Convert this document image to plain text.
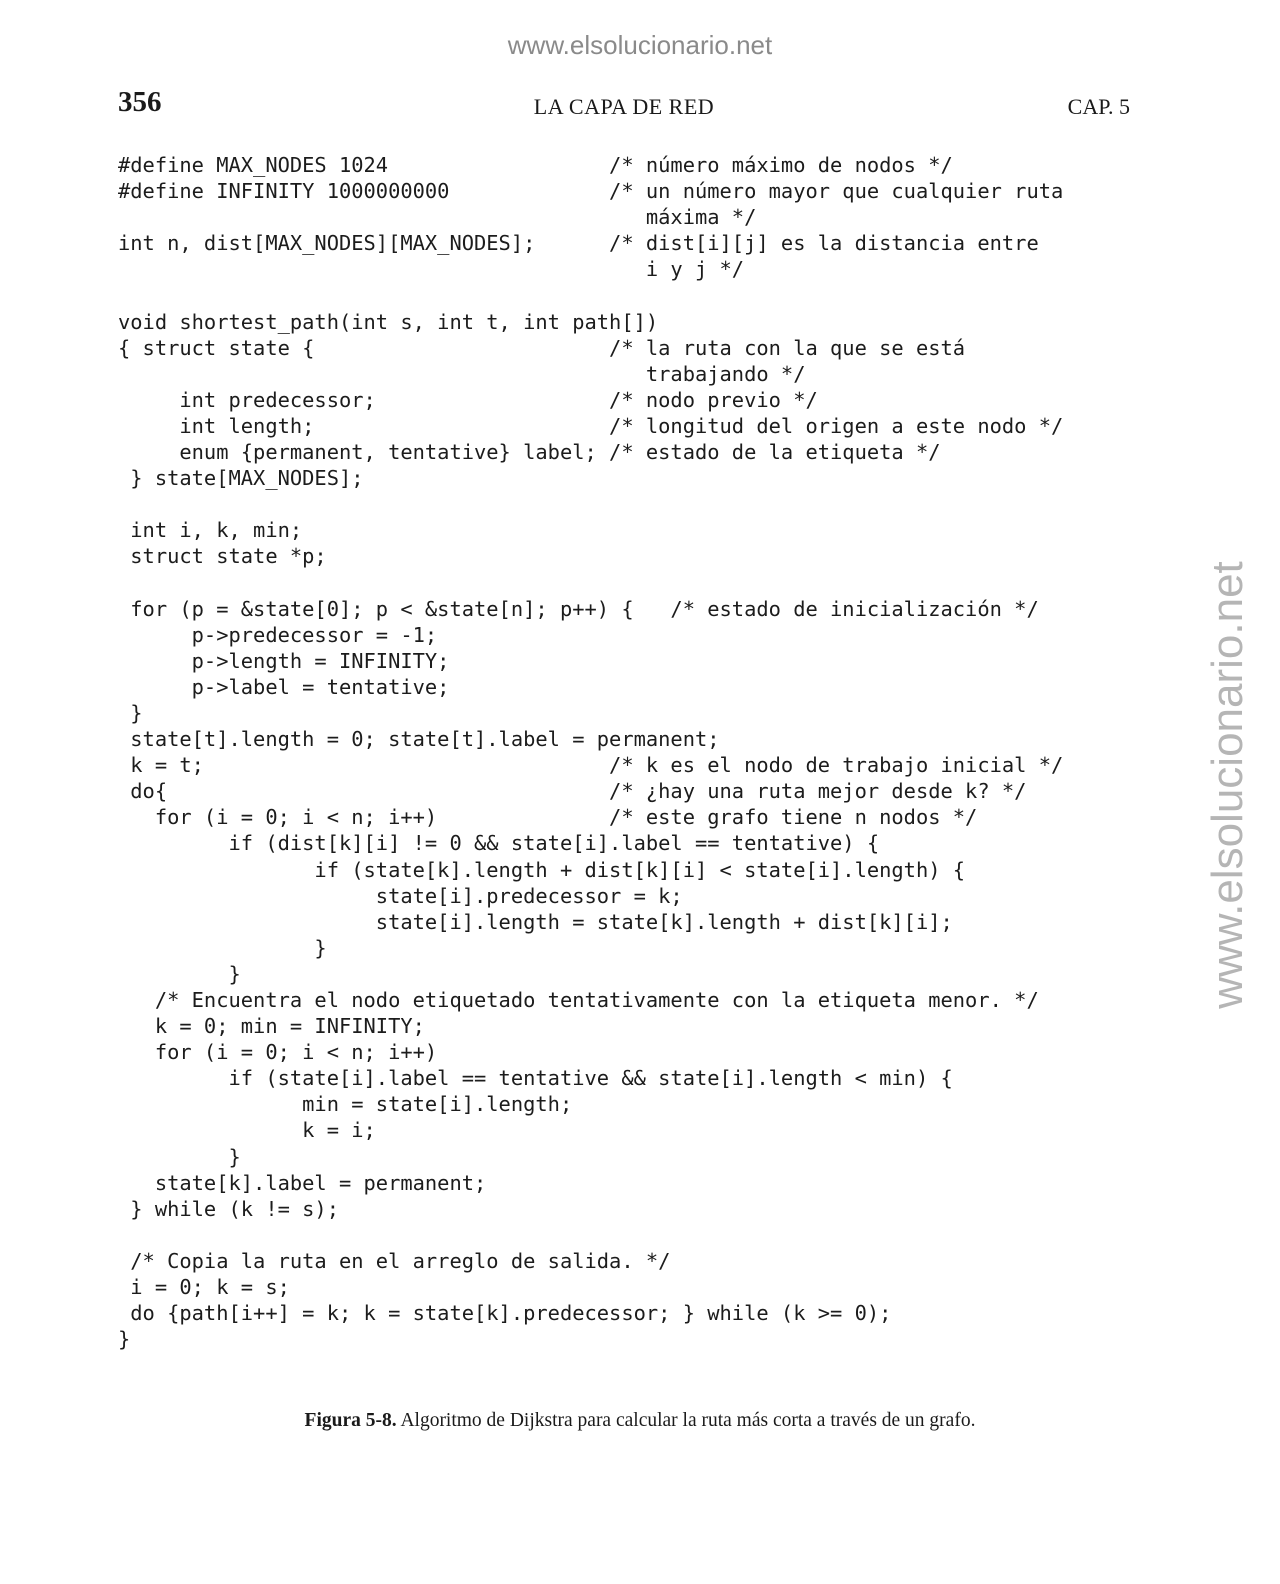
www.elsolucionario.net
www.elsolucionario.net
356	LA CAPA DE RED	CAP. 5
#define MAX_NODES 1024                  /* número máximo de nodos */
#define INFINITY 1000000000             /* un número mayor que cualquier ruta
máxima */
int n, dist[MAX_NODES][MAX_NODES];      /* dist[i][j] es la distancia entre
i y j */

void shortest_path(int s, int t, int path[])
{ struct state {                        /* la ruta con la que se está
trabajando */
int predecessor;                   /* nodo previo */
int length;                        /* longitud del origen a este nodo */
enum {permanent, tentative} label; /* estado de la etiqueta */
} state[MAX_NODES];

int i, k, min;
struct state *p;

for (p = &state[0]; p < &state[n]; p++) {   /* estado de inicialización */
p->predecessor = -1;
p->length = INFINITY;
p->label = tentative;
}
state[t].length = 0; state[t].label = permanent;
k = t;                                 /* k es el nodo de trabajo inicial */
do{                                    /* ¿hay una ruta mejor desde k? */
for (i = 0; i < n; i++)              /* este grafo tiene n nodos */
if (dist[k][i] != 0 && state[i].label == tentative) {
if (state[k].length + dist[k][i] < state[i].length) {
state[i].predecessor = k;
state[i].length = state[k].length + dist[k][i];
}
}
/* Encuentra el nodo etiquetado tentativamente con la etiqueta menor. */
k = 0; min = INFINITY;
for (i = 0; i < n; i++)
if (state[i].label == tentative && state[i].length < min) {
min = state[i].length;
k = i;
}
state[k].label = permanent;
} while (k != s);

/* Copia la ruta en el arreglo de salida. */
i = 0; k = s;
do {path[i++] = k; k = state[k].predecessor; } while (k >= 0);
}
Figura 5-8. Algoritmo de Dijkstra para calcular la ruta más corta a través de un grafo.
